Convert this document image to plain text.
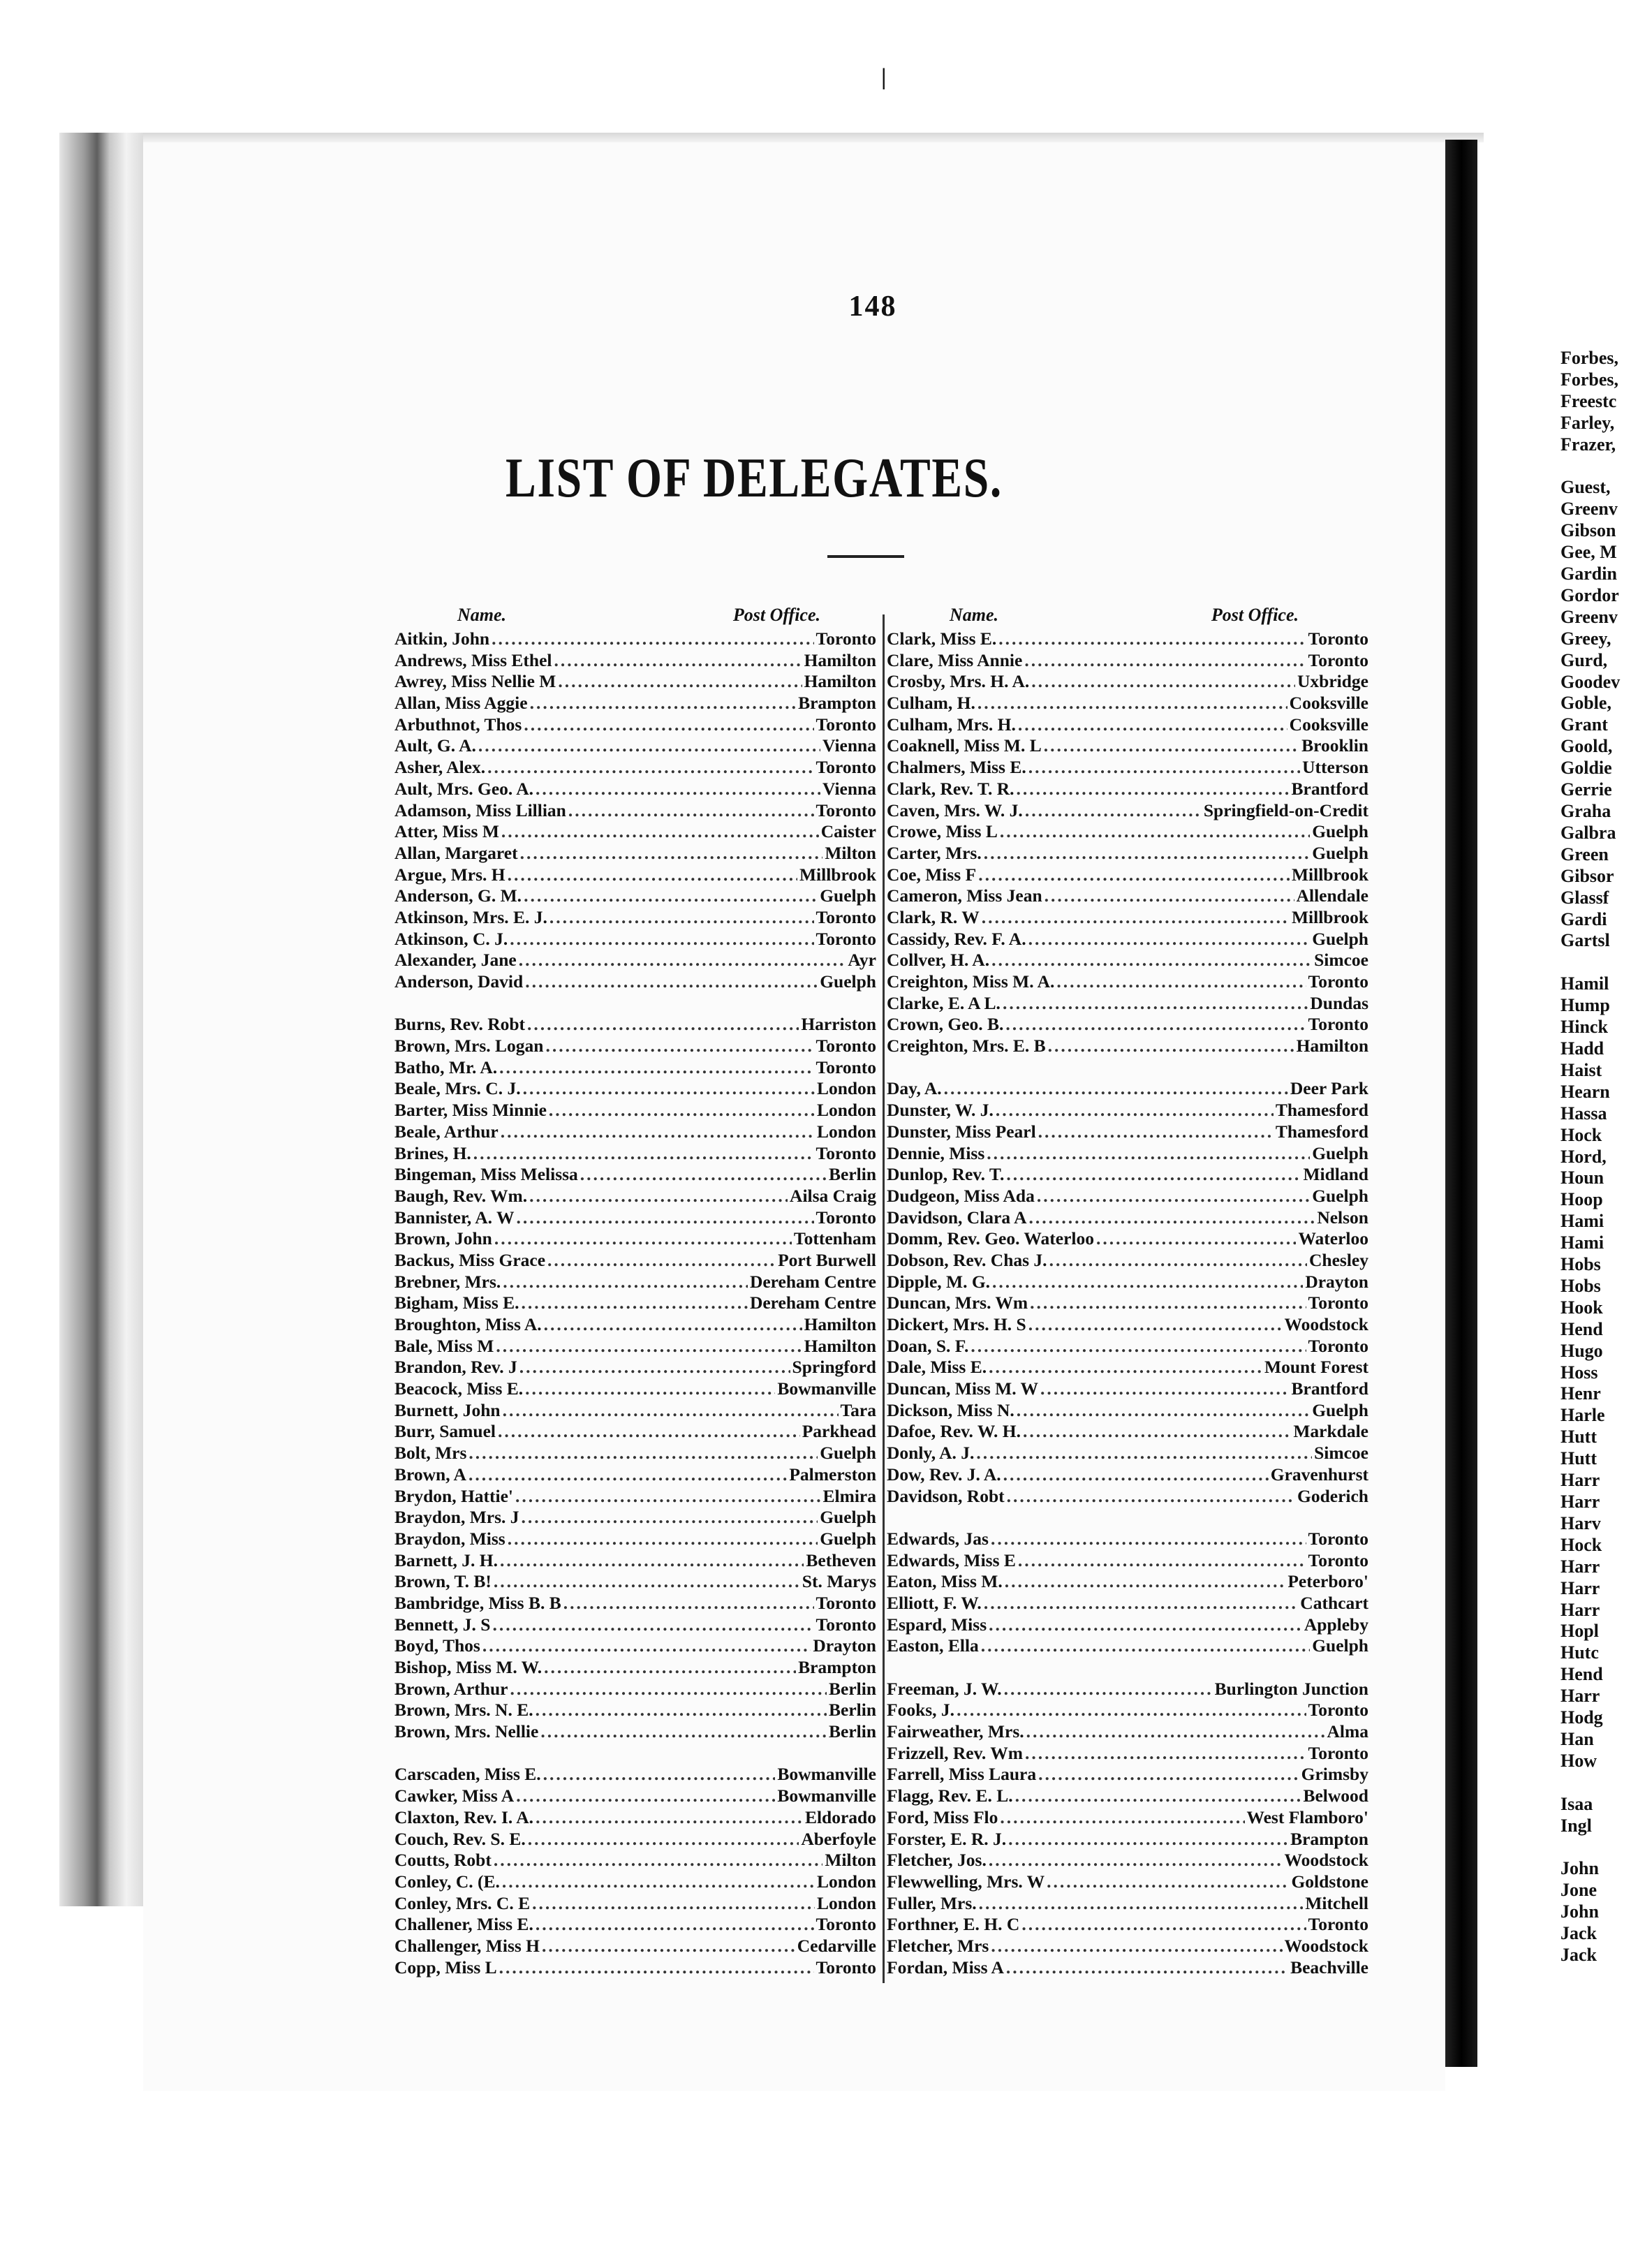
|
148
LIST OF DELEGATES.
Name.	Post Office.
Aitkin, John .....	Toronto
Andrews, Miss Ethel .....	Hamilton
Awrey, Miss Nellie M .....	Hamilton
Allan, Miss Aggie .....	Brampton
Arbuthnot, Thos .....	Toronto
Ault, G. A. .....	Vienna
Asher, Alex. .....	Toronto
Ault, Mrs. Geo. A. .....	Vienna
Adamson, Miss Lillian .....	Toronto
Atter, Miss M .....	Caister
Allan, Margaret .....	Milton
Argue, Mrs. H .....	Millbrook
Anderson, G. M. .....	Guelph
Atkinson, Mrs. E. J. .....	Toronto
Atkinson, C. J. .....	Toronto
Alexander, Jane .....	Ayr
Anderson, David .....	Guelph
Burns, Rev. Robt .....	Harriston
Brown, Mrs. Logan .....	Toronto
Batho, Mr. A. .....	Toronto
Beale, Mrs. C. J. .....	London
Barter, Miss Minnie .....	London
Beale, Arthur .....	London
Brines, H. .....	Toronto
Bingeman, Miss Melissa .....	Berlin
Baugh, Rev. Wm. .....	Ailsa Craig
Bannister, A. W .....	Toronto
Brown, John .....	Tottenham
Backus, Miss Grace .....	Port Burwell
Brebner, Mrs. .....	Dereham Centre
Bigham, Miss E. .....	Dereham Centre
Broughton, Miss A. .....	Hamilton
Bale, Miss M .....	Hamilton
Brandon, Rev. J .....	Springford
Beacock, Miss E. .....	Bowmanville
Burnett, John .....	Tara
Burr, Samuel .....	Parkhead
Bolt, Mrs .....	Guelph
Brown, A .....	Palmerston
Brydon, Hattie' .....	Elmira
Braydon, Mrs. J .....	Guelph
Braydon, Miss .....	Guelph
Barnett, J. H. .....	Betheven
Brown, T. B! .....	St. Marys
Bambridge, Miss B. B .....	Toronto
Bennett, J. S .....	Toronto
Boyd, Thos .....	Drayton
Bishop, Miss M. W. .....	Brampton
Brown, Arthur .....	Berlin
Brown, Mrs. N. E. .....	Berlin
Brown, Mrs. Nellie .....	Berlin
Carscaden, Miss E. .....	Bowmanville
Cawker, Miss A .....	Bowmanville
Claxton, Rev. I. A. .....	Eldorado
Couch, Rev. S. E. .....	Aberfoyle
Coutts, Robt .....	Milton
Conley, C. (E. .....	London
Conley, Mrs. C. E .....	London
Challener, Miss E. .....	Toronto
Challenger, Miss H .....	Cedarville
Copp, Miss L .....	Toronto
Name.	Post Office.
Clark, Miss E. .....	Toronto
Clare, Miss Annie .....	Toronto
Crosby, Mrs. H. A. .....	Uxbridge
Culham, H. .....	Cooksville
Culham, Mrs. H. .....	Cooksville
Coaknell, Miss M. L .....	Brooklin
Chalmers, Miss E. .....	Utterson
Clark, Rev. T. R. .....	Brantford
Caven, Mrs. W. J. .....	Springfield-on-Credit
Crowe, Miss L .....	Guelph
Carter, Mrs. .....	Guelph
Coe, Miss F .....	Millbrook
Cameron, Miss Jean .....	Allendale
Clark, R. W .....	Millbrook
Cassidy, Rev. F. A. .....	Guelph
Collver, H. A. .....	Simcoe
Creighton, Miss M. A. .....	Toronto
Clarke, E. A L. .....	Dundas
Crown, Geo. B. .....	Toronto
Creighton, Mrs. E. B .....	Hamilton
Day, A. .....	Deer Park
Dunster, W. J. .....	Thamesford
Dunster, Miss Pearl .....	Thamesford
Dennie, Miss .....	Guelph
Dunlop, Rev. T. .....	Midland
Dudgeon, Miss Ada .....	Guelph
Davidson, Clara A .....	Nelson
Domm, Rev. Geo. Waterloo .....	Waterloo
Dobson, Rev. Chas J. .....	Chesley
Dipple, M. G. .....	Drayton
Duncan, Mrs. Wm .....	Toronto
Dickert, Mrs. H. S .....	Woodstock
Doan, S. F. .....	Toronto
Dale, Miss E. .....	Mount Forest
Duncan, Miss M. W .....	Brantford
Dickson, Miss N. .....	Guelph
Dafoe, Rev. W. H. .....	Markdale
Donly, A. J. .....	Simcoe
Dow, Rev. J. A. .....	Gravenhurst
Davidson, Robt .....	Goderich
Edwards, Jas .....	Toronto
Edwards, Miss E .....	Toronto
Eaton, Miss M. .....	Peterboro'
Elliott, F. W. .....	Cathcart
Espard, Miss .....	Appleby
Easton, Ella .....	Guelph
Freeman, J. W. .....	Burlington Junction
Fooks, J. .....	Toronto
Fairweather, Mrs. .....	Alma
Frizzell, Rev. Wm .....	Toronto
Farrell, Miss Laura .....	Grimsby
Flagg, Rev. E. L. .....	Belwood
Ford, Miss Flo .....	West Flamboro'
Forster, E. R. J. .....	Brampton
Fletcher, Jos. .....	Woodstock
Flewwelling, Mrs. W .....	Goldstone
Fuller, Mrs. .....	Mitchell
Forthner, E. H. C .....	Toronto
Fletcher, Mrs .....	Woodstock
Fordan, Miss A .....	Beachville
Forbes,
Forbes,
Freestc
Farley,
Frazer,
Guest,
Greenv
Gibson
Gee, M
Gardin
Gordor
Greenv
Greey,
Gurd,
Goodev
Goble,
Grant
Goold,
Goldie
Gerrie
Graha
Galbra
Green
Gibsor
Glassf
Gardi
Gartsl
Hamil
Hump
Hinck
Hadd
Haist
Hearn
Hassa
Hock
Hord,
Houn
Hoop
Hami
Hami
Hobs
Hobs
Hook
Hend
Hugo
Hoss
Henr
Harle
Hutt
Hutt
Harr
Harr
Harv
Hock
Harr
Harr
Harr
Hopl
Hutc
Hend
Harr
Hodg
Han
How
Isaa
Ingl
John
Jone
John
Jack
Jack
